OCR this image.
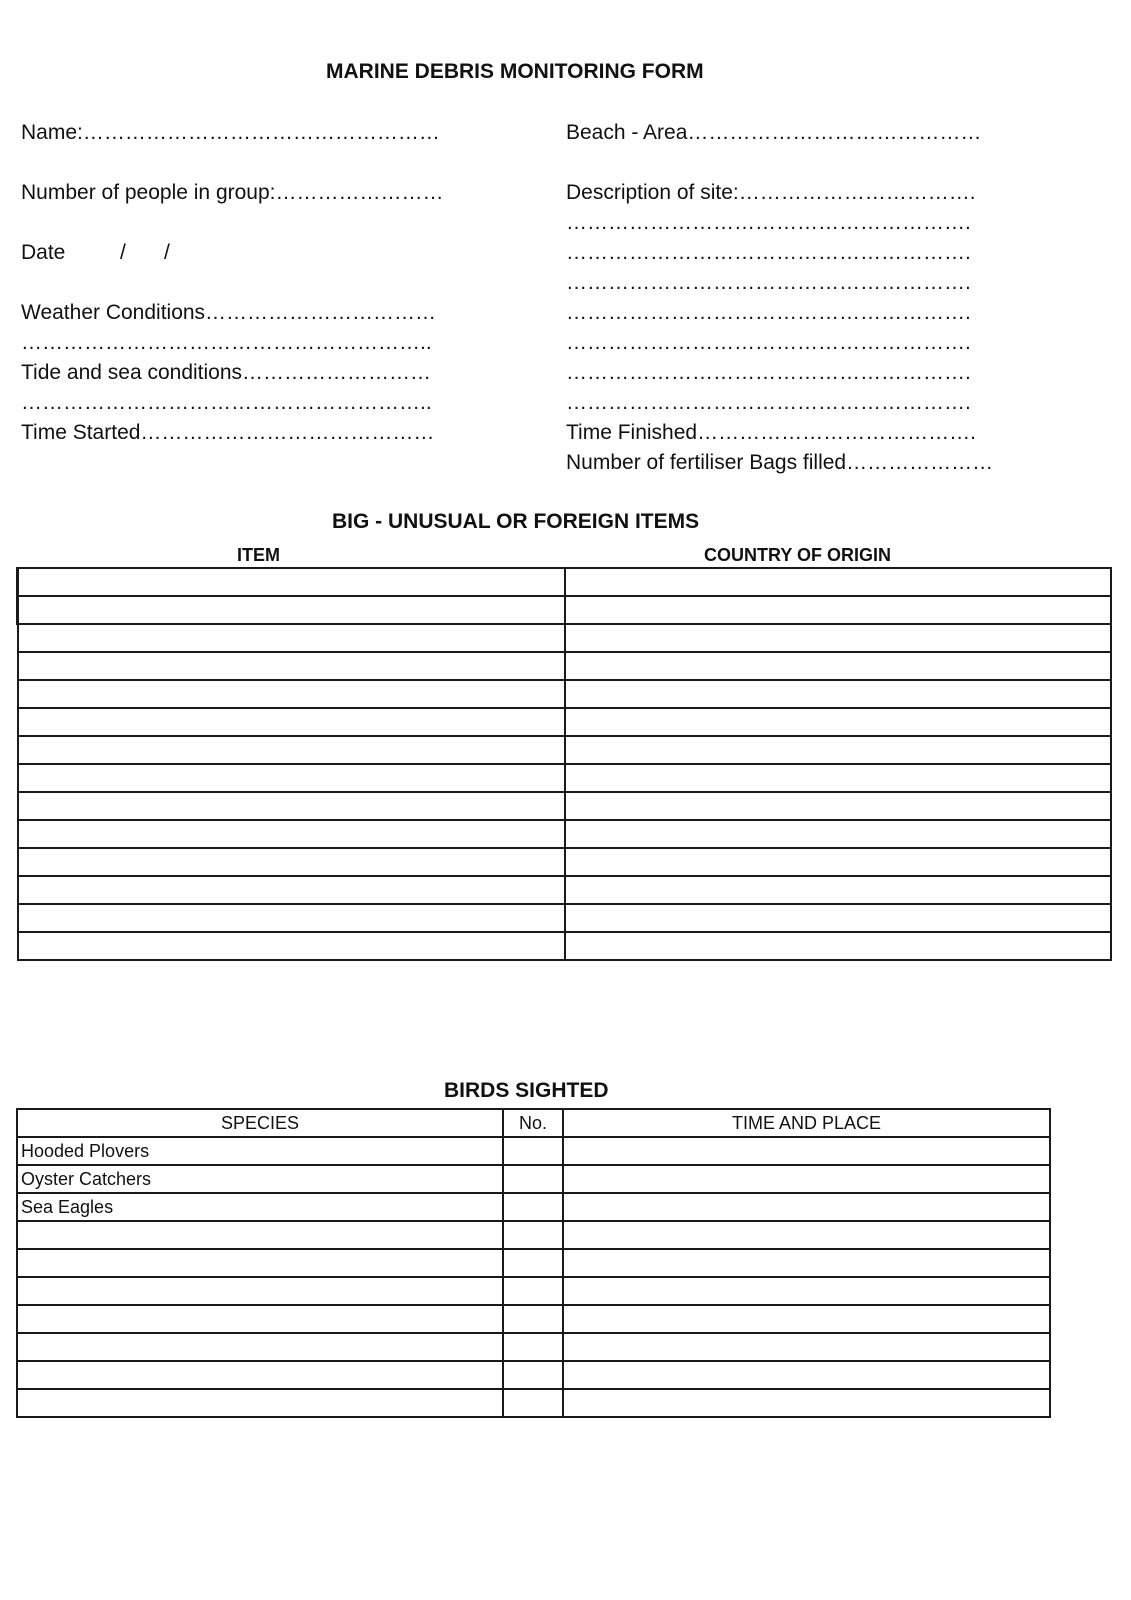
MARINE DEBRIS MONITORING FORM
Name:……………………………………………
Number of people in group:……………………
Date	/ /
Weather Conditions……………………………
…………………………………………………..
Tide and sea conditions………………………
…………………………………………………..
Time Started……………………………………
Beach - Area……………………………………
Description of site:…………………………….
………………………………………………….
………………………………………………….
………………………………………………….
………………………………………………….
………………………………………………….
………………………………………………….
………………………………………………….
Time Finished………………………………….
Number of fertiliser Bags filled…………………
BIG - UNUSUAL OR FOREIGN ITEMS
ITEM	COUNTRY OF ORIGIN

BIRDS SIGHTED
SPECIES	No.	TIME AND PLACE
Hooded Plovers		
Oyster Catchers		
Sea Eagles		
